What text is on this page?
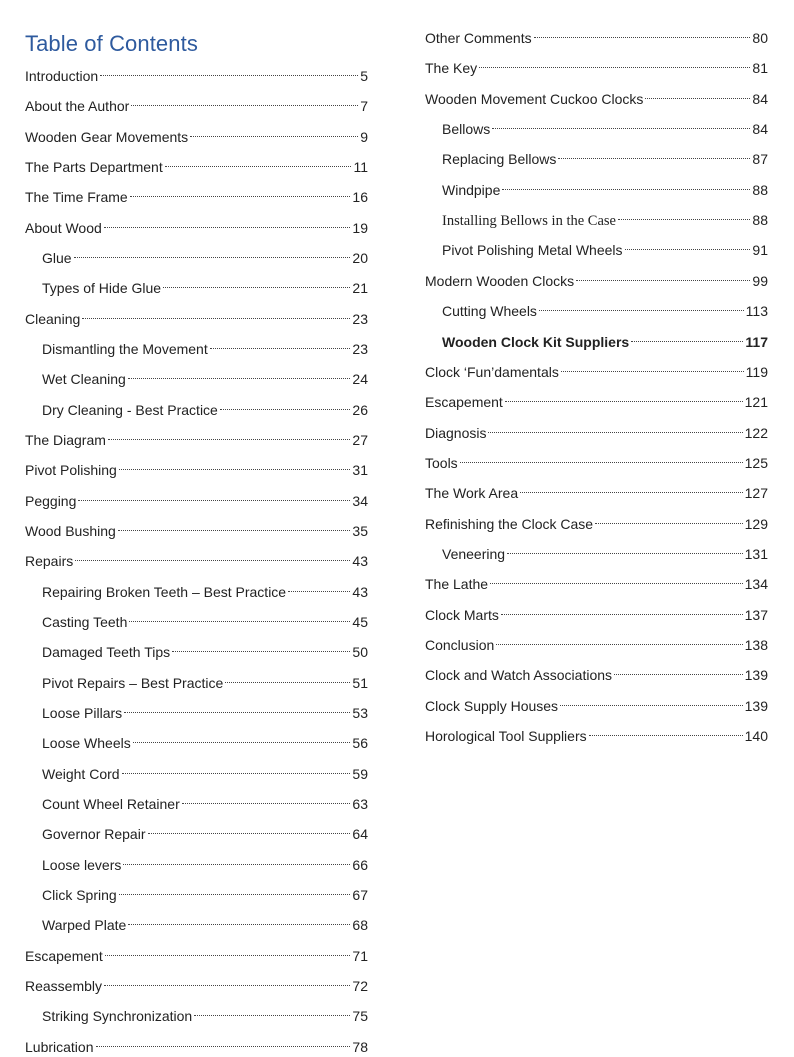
Table of Contents
Introduction	5
About the Author	7
Wooden Gear Movements	9
The Parts Department	11
The Time Frame	16
About Wood	19
Glue	20
Types of Hide Glue	21
Cleaning	23
Dismantling the Movement	23
Wet Cleaning	24
Dry Cleaning - Best Practice	26
The Diagram	27
Pivot Polishing	31
Pegging	34
Wood Bushing	35
Repairs	43
Repairing Broken Teeth – Best Practice	43
Casting Teeth	45
Damaged Teeth Tips	50
Pivot Repairs – Best Practice	51
Loose Pillars	53
Loose Wheels	56
Weight Cord	59
Count Wheel Retainer	63
Governor Repair	64
Loose levers	66
Click Spring	67
Warped Plate	68
Escapement	71
Reassembly	72
Striking Synchronization	75
Lubrication	78
Other Comments	80
The Key	81
Wooden Movement Cuckoo Clocks	84
Bellows	84
Replacing Bellows	87
Windpipe	88
Installing Bellows in the Case	88
Pivot Polishing Metal Wheels	91
Modern Wooden Clocks	99
Cutting Wheels	113
Wooden Clock Kit Suppliers	117
Clock ‘Fun’damentals	119
Escapement	121
Diagnosis	122
Tools	125
The Work Area	127
Refinishing the Clock Case	129
Veneering	131
The Lathe	134
Clock Marts	137
Conclusion	138
Clock and Watch Associations	139
Clock Supply Houses	139
Horological Tool Suppliers	140
